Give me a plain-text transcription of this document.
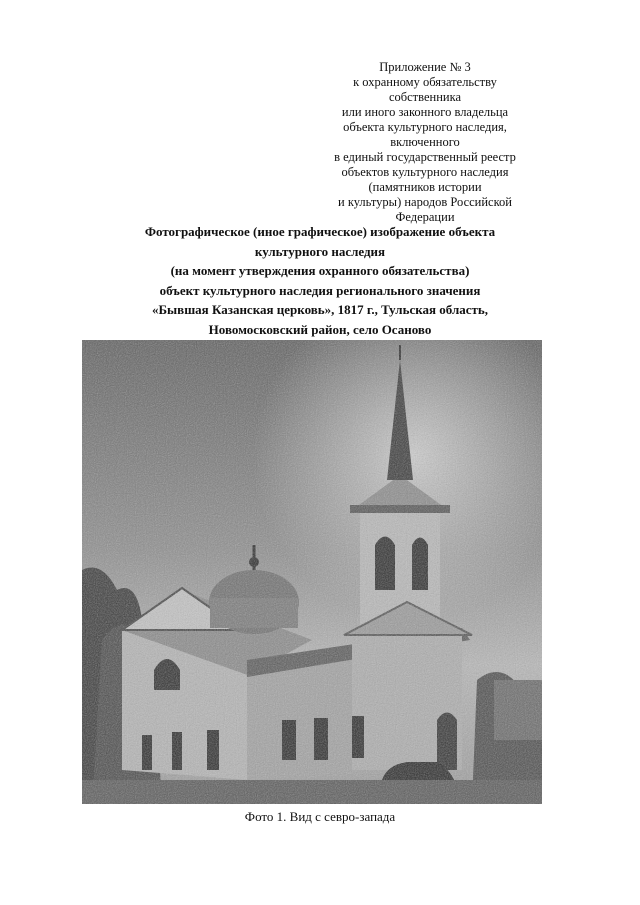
Приложение № 3
к охранному обязательству
собственника
или иного законного владельца
объекта культурного наследия,
включенного
в единый государственный реестр
объектов культурного наследия
(памятников истории
и культуры) народов Российской
Федерации
Фотографическое (иное графическое) изображение объекта
культурного наследия
(на момент утверждения охранного обязательства)
объект культурного наследия регионального значения
«Бывшая Казанская церковь», 1817 г., Тульская область,
Новомосковский район, село Осаново
Фото 1. Вид с севро-запада
